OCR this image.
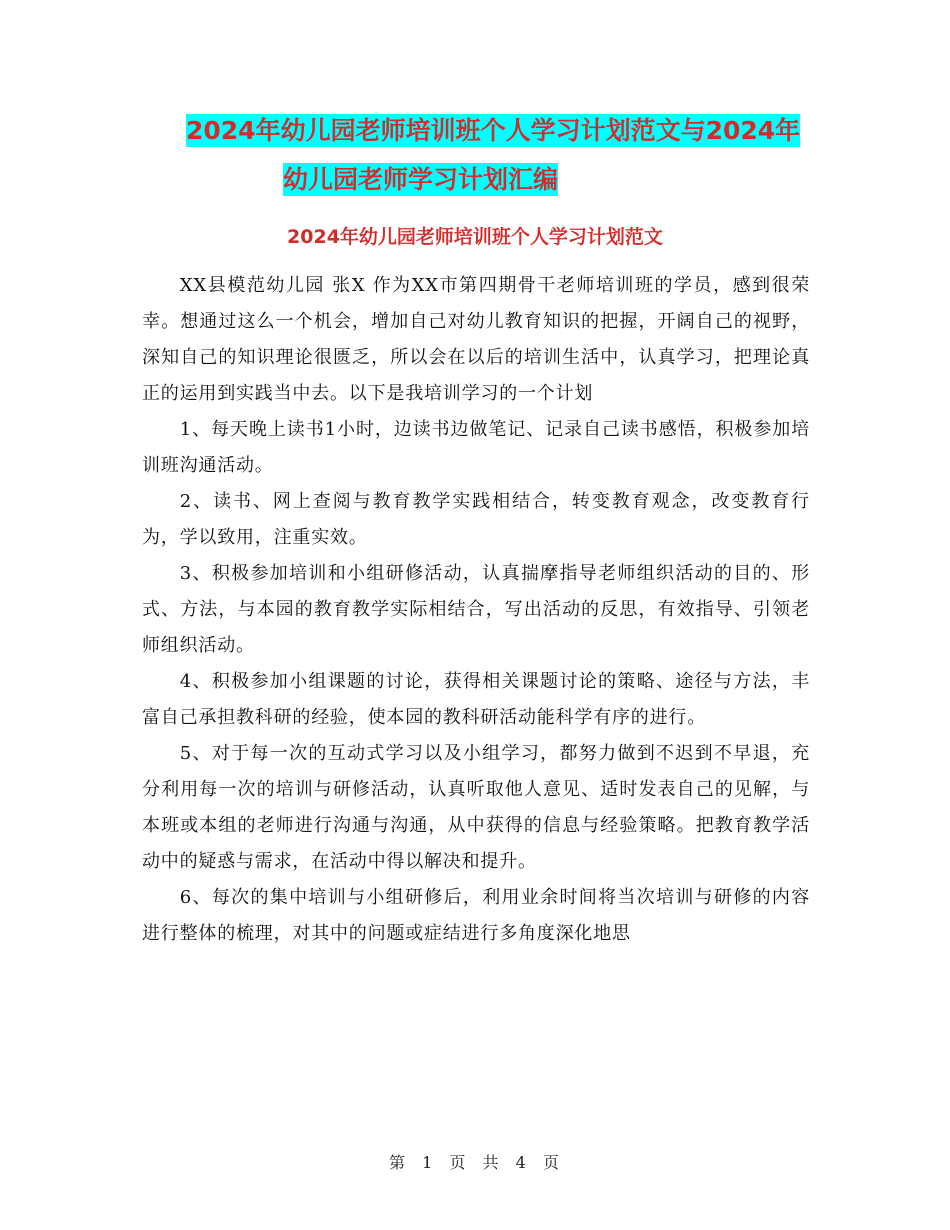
2024年幼儿园老师培训班个人学习计划范文与2024年
幼儿园老师学习计划汇编
2024年幼儿园老师培训班个人学习计划范文

XX县模范幼儿园 张X 作为XX市第四期骨干老师培训班的学员，感到很荣幸。想通过这么一个机会，增加自己对幼儿教育知识的把握，开阔自己的视野，深知自己的知识理论很匮乏，所以会在以后的培训生活中，认真学习，把理论真正的运用到实践当中去。以下是我培训学习的一个计划

1、每天晚上读书1小时，边读书边做笔记、记录自己读书感悟，积极参加培训班沟通活动。

2、读书、网上查阅与教育教学实践相结合，转变教育观念，改变教育行为，学以致用，注重实效。

3、积极参加培训和小组研修活动，认真揣摩指导老师组织活动的目的、形式、方法，与本园的教育教学实际相结合，写出活动的反思，有效指导、引领老师组织活动。

4、积极参加小组课题的讨论，获得相关课题讨论的策略、途径与方法，丰富自己承担教科研的经验，使本园的教科研活动能科学有序的进行。

5、对于每一次的互动式学习以及小组学习，都努力做到不迟到不早退，充分利用每一次的培训与研修活动，认真听取他人意见、适时发表自己的见解，与本班或本组的老师进行沟通与沟通，从中获得的信息与经验策略。把教育教学活动中的疑惑与需求，在活动中得以解决和提升。

6、每次的集中培训与小组研修后，利用业余时间将当次培训与研修的内容进行整体的梳理，对其中的问题或症结进行多角度深化地思

第 1 页 共 4 页
